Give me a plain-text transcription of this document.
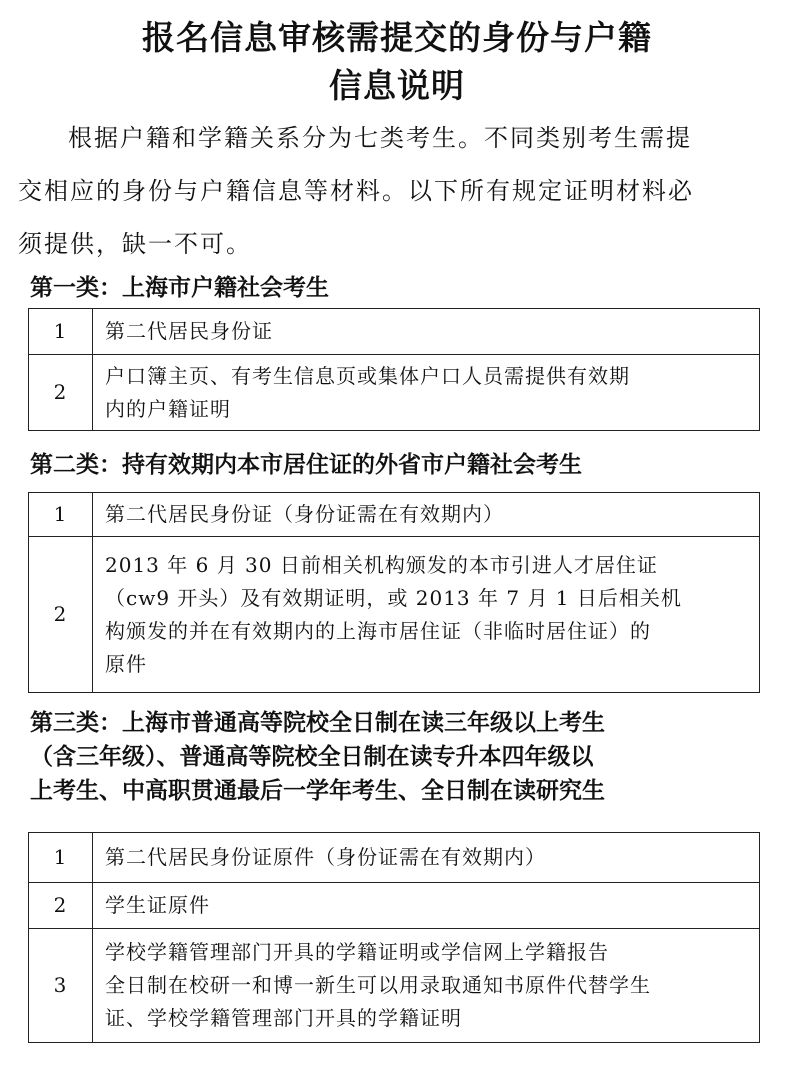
报名信息审核需提交的身份与户籍
信息说明
根据户籍和学籍关系分为七类考生。不同类别考生需提
交相应的身份与户籍信息等材料。以下所有规定证明材料必
须提供，缺一不可。
第一类：上海市户籍社会考生
1	第二代居民身份证

2	户口簿主页、有考生信息页或集体户口人员需提供有效期
内的户籍证明
第二类：持有效期内本市居住证的外省市户籍社会考生
1	第二代居民身份证（身份证需在有效期内）

2	2013 年 6 月 30 日前相关机构颁发的本市引进人才居住证
（cw9 开头）及有效期证明，或 2013 年 7 月 1 日后相关机
构颁发的并在有效期内的上海市居住证（非临时居住证）的
原件
第三类：上海市普通高等院校全日制在读三年级以上考生
（含三年级）、普通高等院校全日制在读专升本四年级以
上考生、中高职贯通最后一学年考生、全日制在读研究生
1	第二代居民身份证原件（身份证需在有效期内）

2	学生证原件

3	学校学籍管理部门开具的学籍证明或学信网上学籍报告
全日制在校研一和博一新生可以用录取通知书原件代替学生
证、学校学籍管理部门开具的学籍证明
